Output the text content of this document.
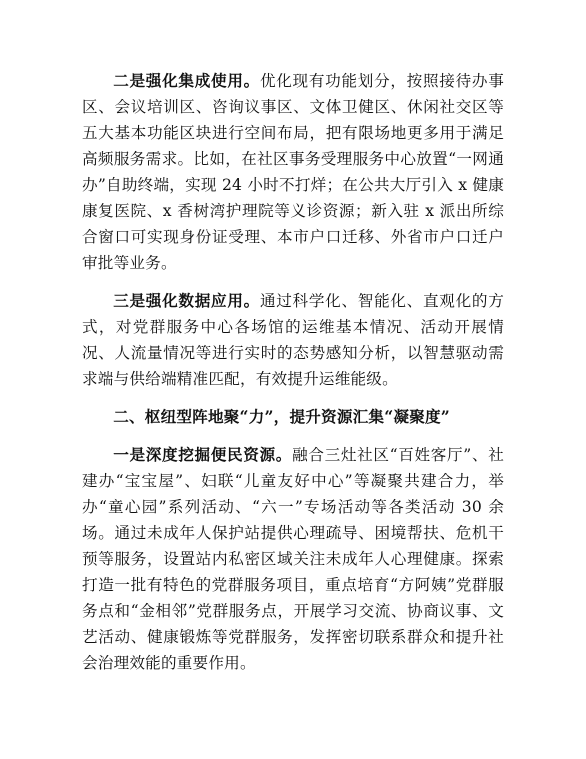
二是强化集成使用。优化现有功能划分，按照接待办事区、会议培训区、咨询议事区、文体卫健区、休闲社交区等五大基本功能区块进行空间布局，把有限场地更多用于满足高频服务需求。比如，在社区事务受理服务中心放置“一网通办”自助终端，实现 24 小时不打烊；在公共大厅引入 x 健康康复医院、x 香树湾护理院等义诊资源；新入驻 x 派出所综合窗口可实现身份证受理、本市户口迁移、外省市户口迁户审批等业务。

三是强化数据应用。通过科学化、智能化、直观化的方式，对党群服务中心各场馆的运维基本情况、活动开展情况、人流量情况等进行实时的态势感知分析，以智慧驱动需求端与供给端精准匹配，有效提升运维能级。

二、枢纽型阵地聚“力”，提升资源汇集“凝聚度”

一是深度挖掘便民资源。融合三灶社区“百姓客厅”、社建办“宝宝屋”、妇联“儿童友好中心”等凝聚共建合力，举办“童心园”系列活动、“六一”专场活动等各类活动 30 余场。通过未成年人保护站提供心理疏导、困境帮扶、危机干预等服务，设置站内私密区域关注未成年人心理健康。探索打造一批有特色的党群服务项目，重点培育“方阿姨”党群服务点和“金相邻”党群服务点，开展学习交流、协商议事、文艺活动、健康锻炼等党群服务，发挥密切联系群众和提升社会治理效能的重要作用。
